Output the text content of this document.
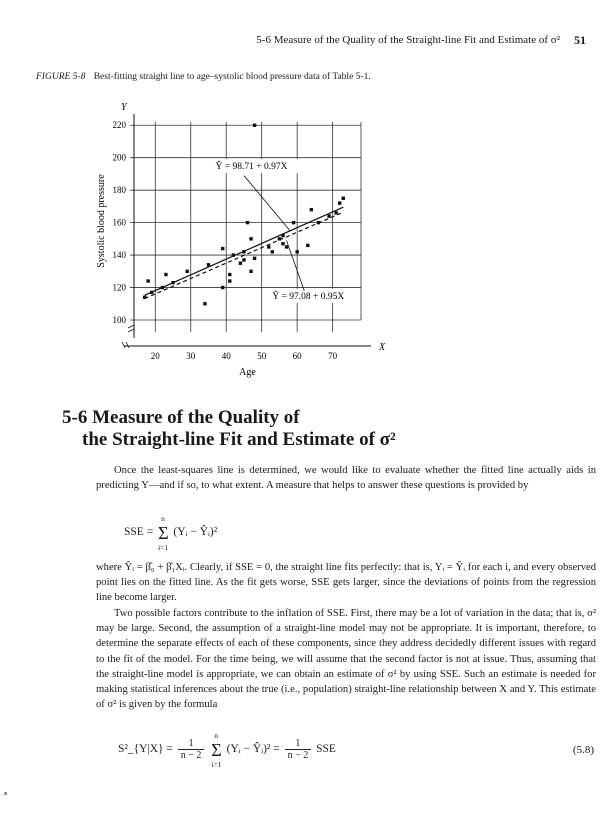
5-6 Measure of the Quality of the Straight-line Fit and Estimate of σ² 51
FIGURE 5-8 Best-fitting straight line to age–systolic blood pressure data of Table 5-1.
20	30	40	50	60	70
100
120
140
160
180
200
220
Y
X
Age
Systolic blood pressure
Ŷ = 98.71 + 0.97X
Ŷ = 97.08 + 0.95X
5-6 Measure of the Quality of
the Straight-line Fit and Estimate of σ²

Once the least-squares line is determined, we would like to evaluate whether the fitted line actually aids in predicting Y—and if so, to what extent. A measure that helps to answer these questions is provided by

SSE = Σ
n
i=1
(Yᵢ − Ŷᵢ)²

where Ŷᵢ = β̂₀ + β̂₁Xᵢ. Clearly, if SSE = 0, the straight line fits perfectly: that is, Yᵢ = Ŷᵢ for each i, and every observed point lies on the fitted line. As the fit gets worse, SSE gets larger, since the deviations of points from the regression line become larger.

Two possible factors contribute to the inflation of SSE. First, there may be a lot of variation in the data; that is, σ² may be large. Second, the assumption of a straight-line model may not be appropriate. It is important, therefore, to determine the separate effects of each of these components, since they address decidedly different issues with regard to the fit of the model. For the time being, we will assume that the second factor is not at issue. Thus, assuming that the straight-line model is appropriate, we can obtain an estimate of σ² by using SSE. Such an estimate is needed for making statistical inferences about the true (i.e., population) straight-line relationship between X and Y. This estimate of σ² is given by the formula

S²_{Y|X} = $\frac{1}{n - 2}$ Σ
n
i=1
(Yᵢ − Ŷᵢ)² = $\frac{1}{n - 2}$ SSE	(5.8)
